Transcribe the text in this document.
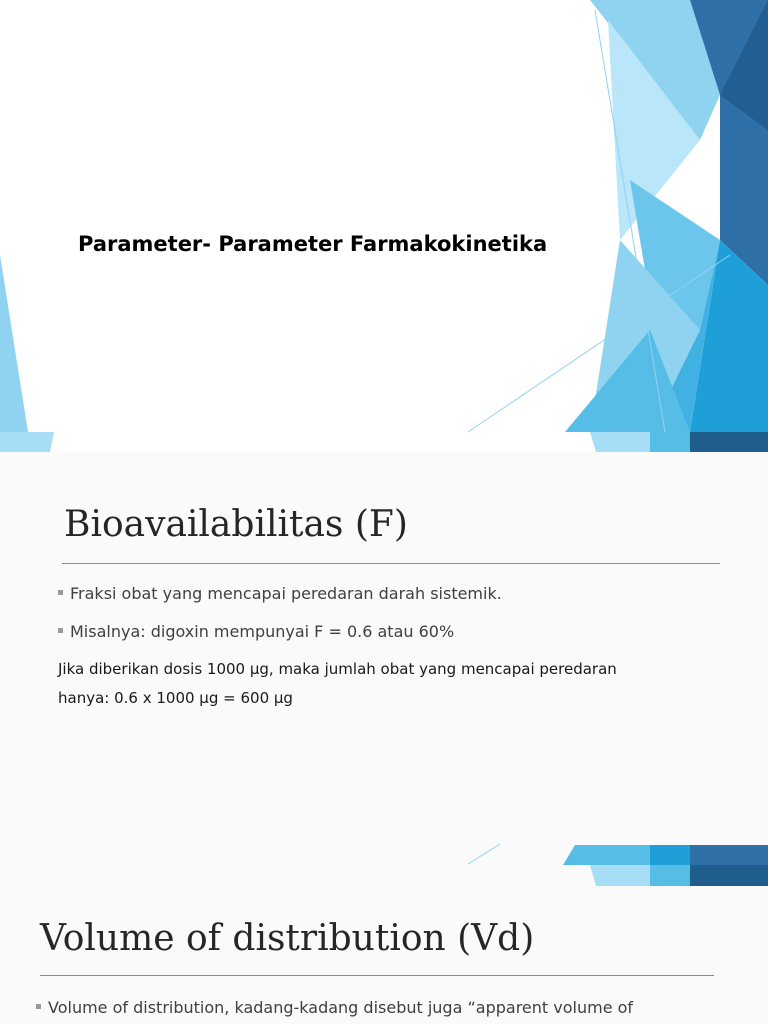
Parameter- Parameter Farmakokinetika
Bioavailabilitas (F)
Fraksi obat yang mencapai peredaran darah sistemik.
Misalnya: digoxin mempunyai F = 0.6 atau 60%
Jika diberikan dosis 1000 μg, maka jumlah obat yang mencapai peredaran
hanya: 0.6 x 1000 μg = 600 μg
Volume of distribution (Vd)
Volume of distribution, kadang-kadang disebut juga “apparent volume of
